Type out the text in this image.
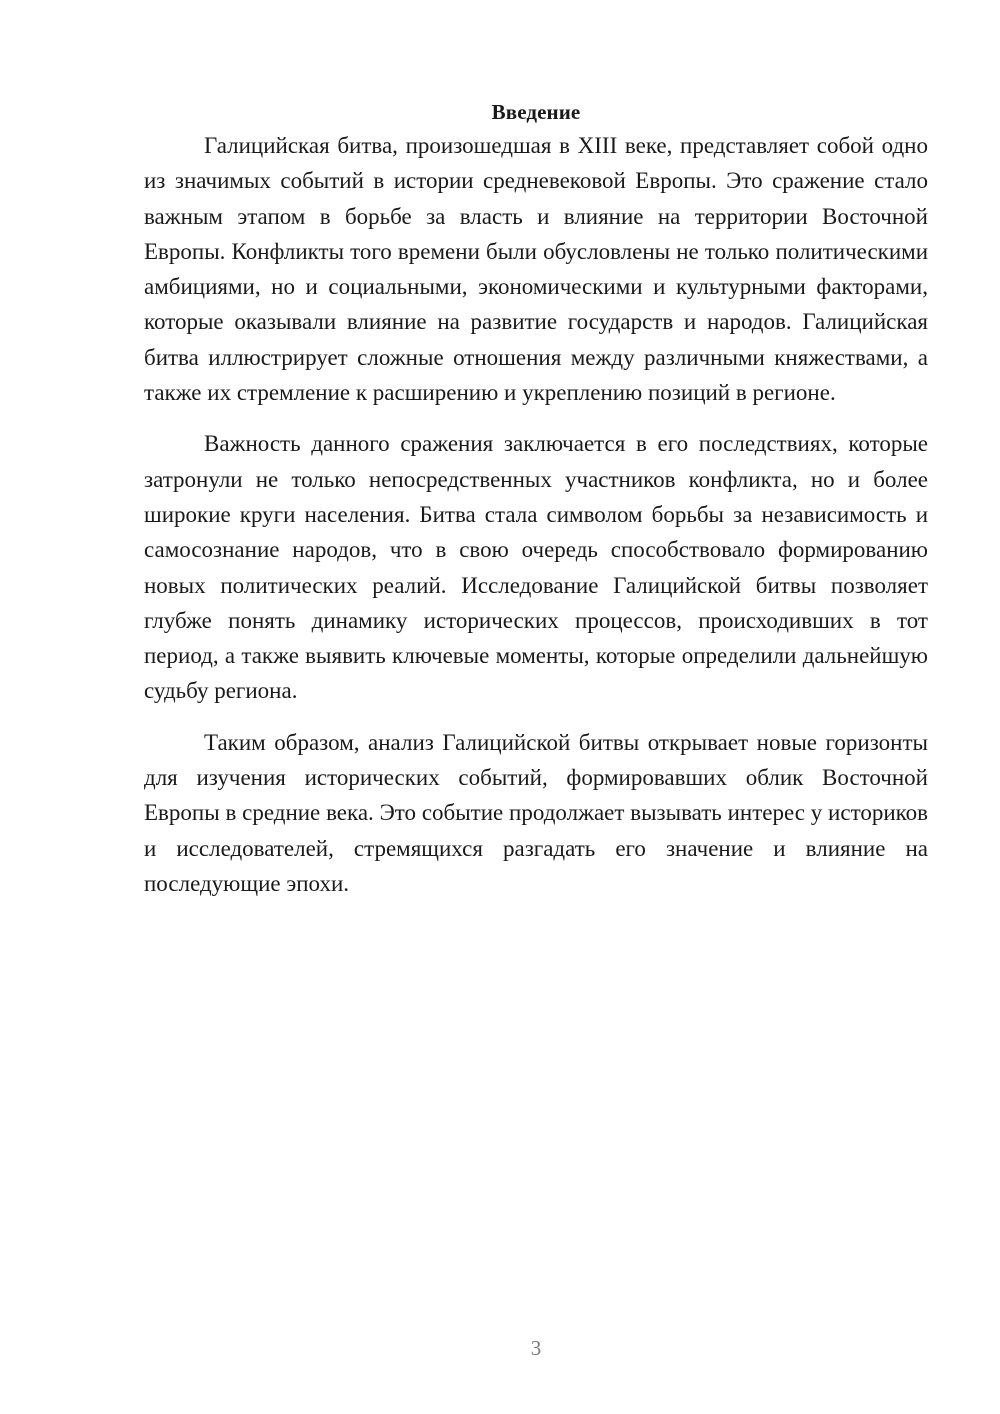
Введение

Галицийская битва, произошедшая в XIII веке, представляет собой одно из значимых событий в истории средневековой Европы. Это сражение стало важным этапом в борьбе за власть и влияние на территории Восточной Европы. Конфликты того времени были обусловлены не только политическими амбициями, но и социальными, экономическими и культурными факторами, которые оказывали влияние на развитие государств и народов. Галицийская битва иллюстрирует сложные отношения между различными княжествами, а также их стремление к расширению и укреплению позиций в регионе.

Важность данного сражения заключается в его последствиях, которые затронули не только непосредственных участников конфликта, но и более широкие круги населения. Битва стала символом борьбы за независимость и самосознание народов, что в свою очередь способствовало формированию новых политических реалий. Исследование Галицийской битвы позволяет глубже понять динамику исторических процессов, происходивших в тот период, а также выявить ключевые моменты, которые определили дальнейшую судьбу региона.

Таким образом, анализ Галицийской битвы открывает новые горизонты для изучения исторических событий, формировавших облик Восточной Европы в средние века. Это событие продолжает вызывать интерес у историков и исследователей, стремящихся разгадать его значение и влияние на последующие эпохи.

3
